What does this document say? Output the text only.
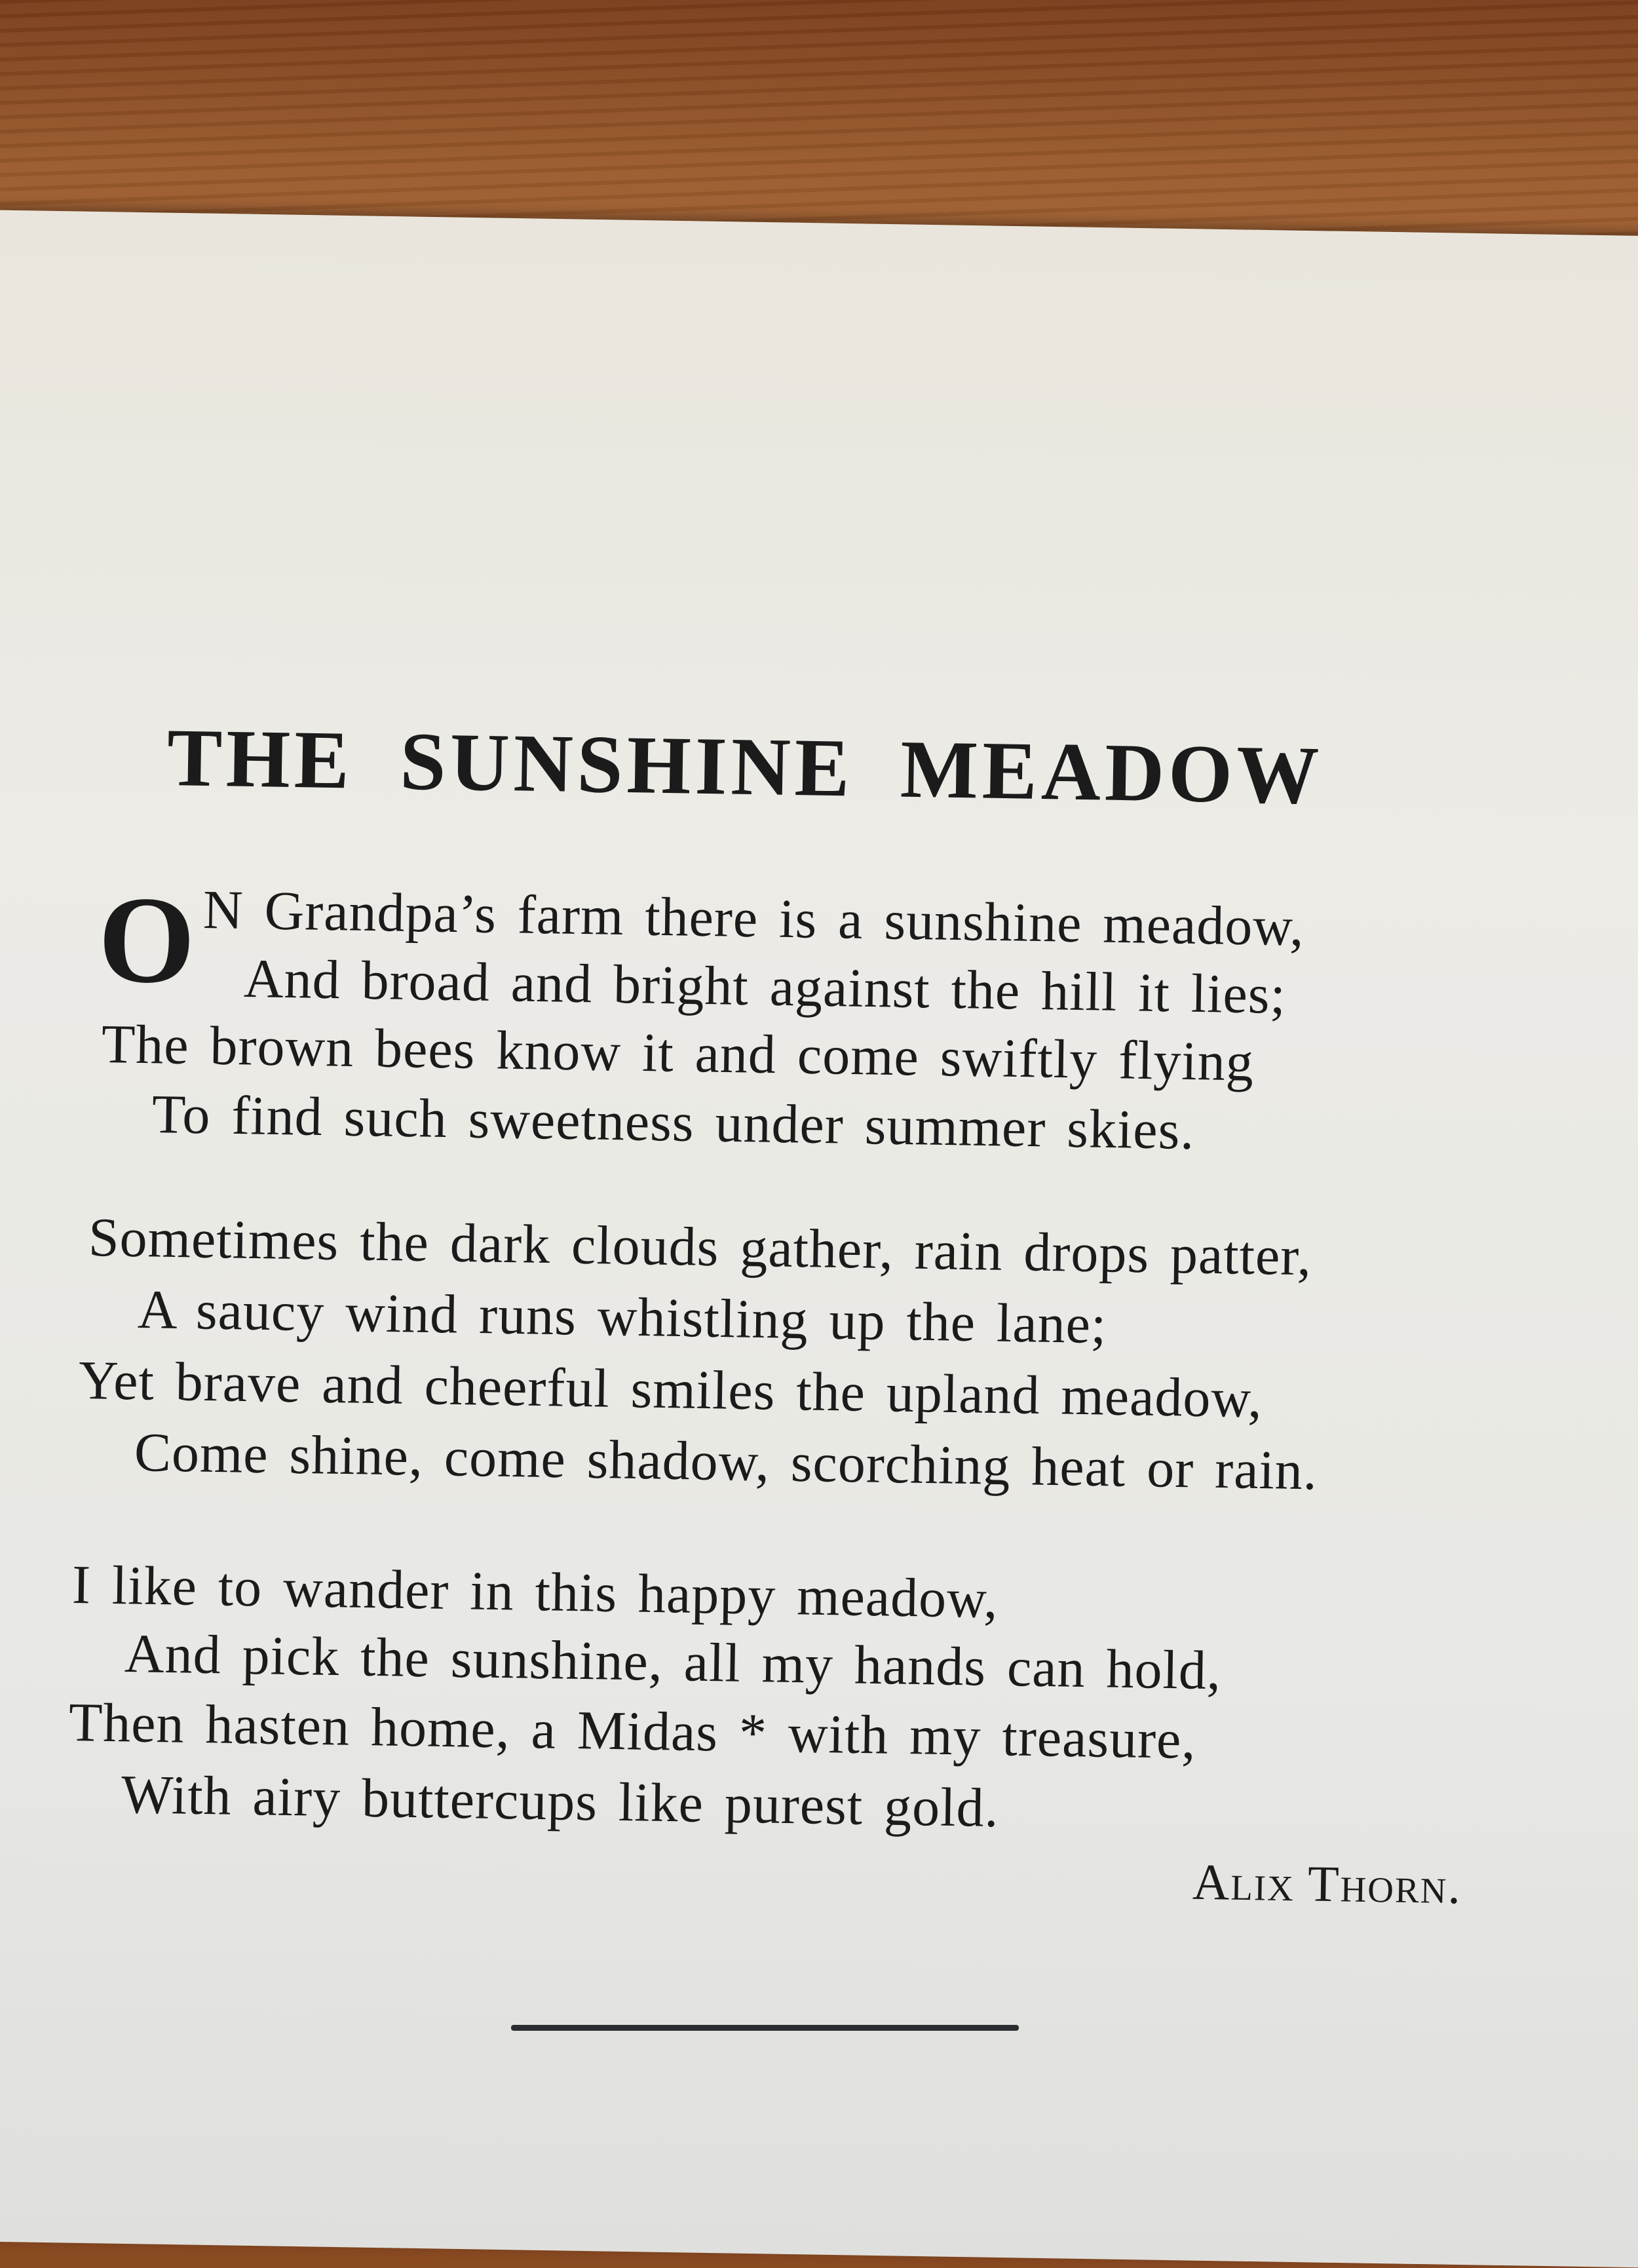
THE SUNSHINE MEADOW
O N Grandpa’s farm there is a sunshine meadow,
And broad and bright against the hill it lies;
The brown bees know it and come swiftly flying
To find such sweetness under summer skies.
Sometimes the dark clouds gather, rain drops patter,
A saucy wind runs whistling up the lane;
Yet brave and cheerful smiles the upland meadow,
Come shine, come shadow, scorching heat or rain.
I like to wander in this happy meadow,
And pick the sunshine, all my hands can hold,
Then hasten home, a Midas * with my treasure,
With airy buttercups like purest gold.
Alix Thorn.
